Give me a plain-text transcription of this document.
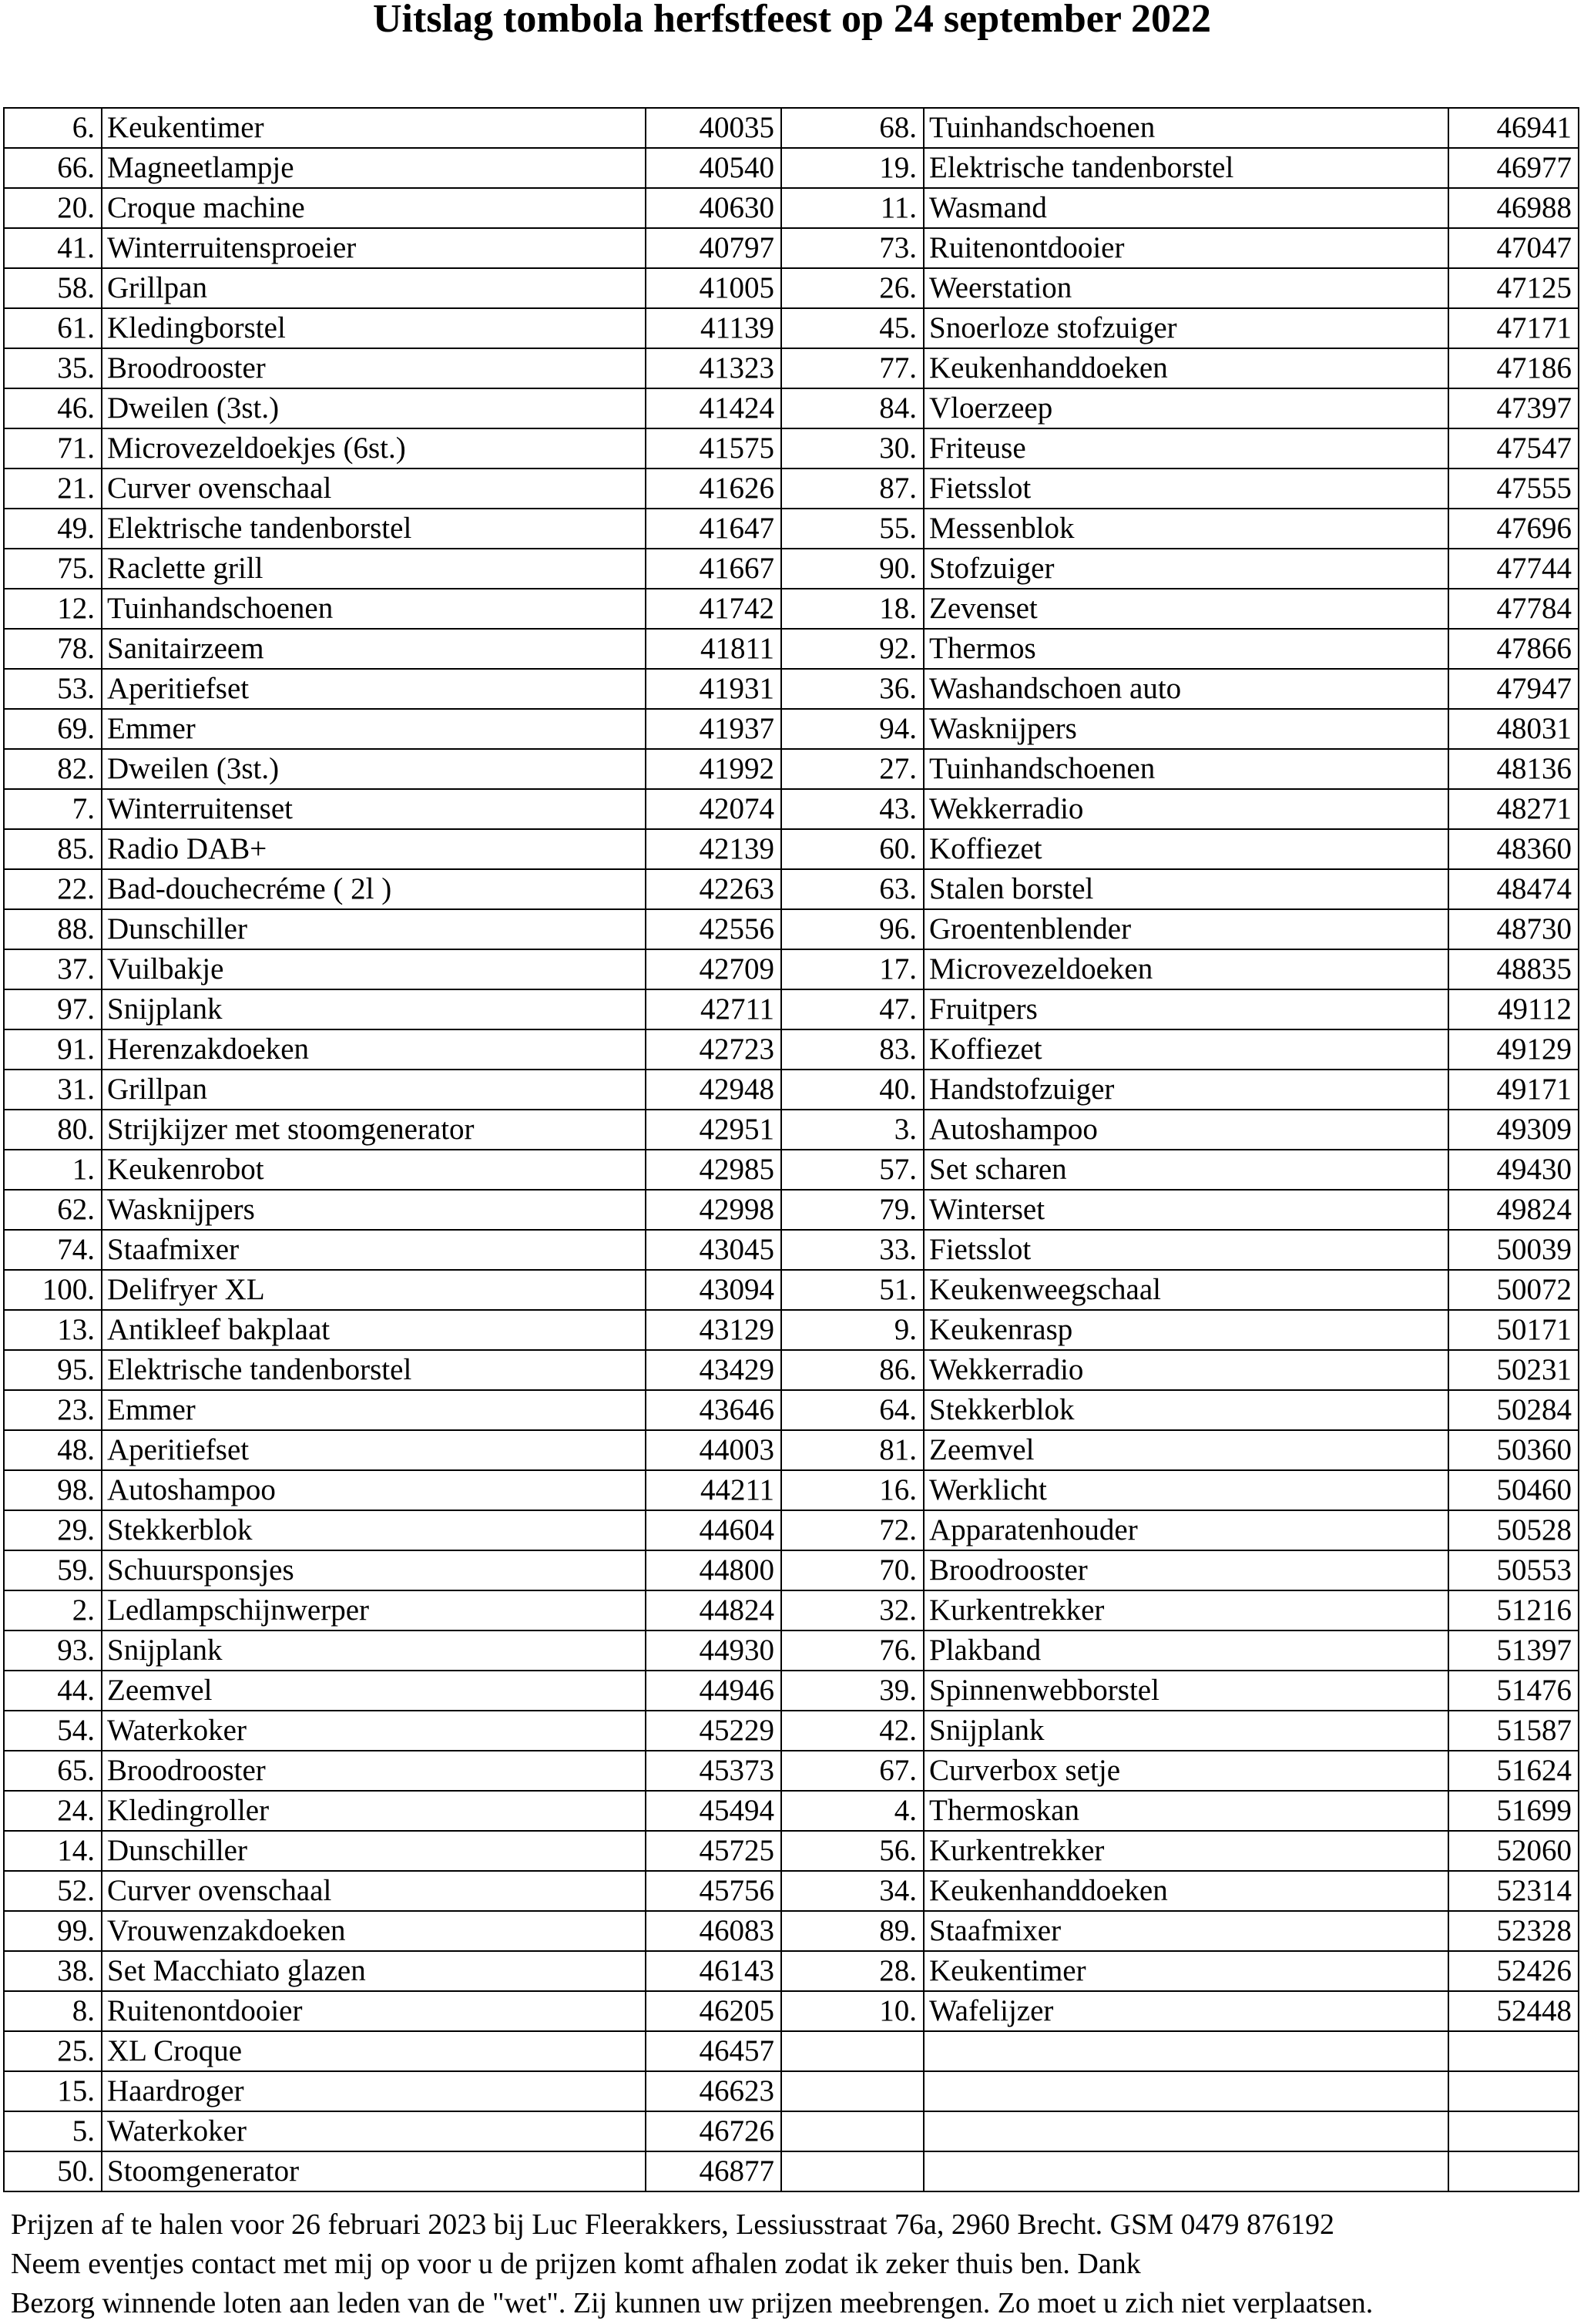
Uitslag tombola herfstfeest op 24 september 2022
6.	Keukentimer	40035	68.	Tuinhandschoenen	46941
66.	Magneetlampje	40540	19.	Elektrische tandenborstel	46977
20.	Croque machine	40630	11.	Wasmand	46988
41.	Winterruitensproeier	40797	73.	Ruitenontdooier	47047
58.	Grillpan	41005	26.	Weerstation	47125
61.	Kledingborstel	41139	45.	Snoerloze stofzuiger	47171
35.	Broodrooster	41323	77.	Keukenhanddoeken	47186
46.	Dweilen (3st.)	41424	84.	Vloerzeep	47397
71.	Microvezeldoekjes (6st.)	41575	30.	Friteuse	47547
21.	Curver ovenschaal	41626	87.	Fietsslot	47555
49.	Elektrische tandenborstel	41647	55.	Messenblok	47696
75.	Raclette grill	41667	90.	Stofzuiger	47744
12.	Tuinhandschoenen	41742	18.	Zevenset	47784
78.	Sanitairzeem	41811	92.	Thermos	47866
53.	Aperitiefset	41931	36.	Washandschoen auto	47947
69.	Emmer	41937	94.	Wasknijpers	48031
82.	Dweilen (3st.)	41992	27.	Tuinhandschoenen	48136
7.	Winterruitenset	42074	43.	Wekkerradio	48271
85.	Radio DAB+	42139	60.	Koffiezet	48360
22.	Bad-douchecréme ( 2l )	42263	63.	Stalen borstel	48474
88.	Dunschiller	42556	96.	Groentenblender	48730
37.	Vuilbakje	42709	17.	Microvezeldoeken	48835
97.	Snijplank	42711	47.	Fruitpers	49112
91.	Herenzakdoeken	42723	83.	Koffiezet	49129
31.	Grillpan	42948	40.	Handstofzuiger	49171
80.	Strijkijzer met stoomgenerator	42951	3.	Autoshampoo	49309
1.	Keukenrobot	42985	57.	Set scharen	49430
62.	Wasknijpers	42998	79.	Winterset	49824
74.	Staafmixer	43045	33.	Fietsslot	50039
100.	Delifryer XL	43094	51.	Keukenweegschaal	50072
13.	Antikleef bakplaat	43129	9.	Keukenrasp	50171
95.	Elektrische tandenborstel	43429	86.	Wekkerradio	50231
23.	Emmer	43646	64.	Stekkerblok	50284
48.	Aperitiefset	44003	81.	Zeemvel	50360
98.	Autoshampoo	44211	16.	Werklicht	50460
29.	Stekkerblok	44604	72.	Apparatenhouder	50528
59.	Schuursponsjes	44800	70.	Broodrooster	50553
2.	Ledlampschijnwerper	44824	32.	Kurkentrekker	51216
93.	Snijplank	44930	76.	Plakband	51397
44.	Zeemvel	44946	39.	Spinnenwebborstel	51476
54.	Waterkoker	45229	42.	Snijplank	51587
65.	Broodrooster	45373	67.	Curverbox setje	51624
24.	Kledingroller	45494	4.	Thermoskan	51699
14.	Dunschiller	45725	56.	Kurkentrekker	52060
52.	Curver ovenschaal	45756	34.	Keukenhanddoeken	52314
99.	Vrouwenzakdoeken	46083	89.	Staafmixer	52328
38.	Set Macchiato glazen	46143	28.	Keukentimer	52426
8.	Ruitenontdooier	46205	10.	Wafelijzer	52448
25.	XL Croque	46457			
15.	Haardroger	46623			
5.	Waterkoker	46726			
50.	Stoomgenerator	46877			

Prijzen af te halen voor 26 februari 2023 bij Luc Fleerakkers, Lessiusstraat 76a, 2960 Brecht. GSM 0479 876192

Neem eventjes contact met mij op voor u de prijzen komt afhalen zodat ik zeker thuis ben. Dank

Bezorg winnende loten aan leden van de "wet". Zij kunnen uw prijzen meebrengen. Zo moet u zich niet verplaatsen.
